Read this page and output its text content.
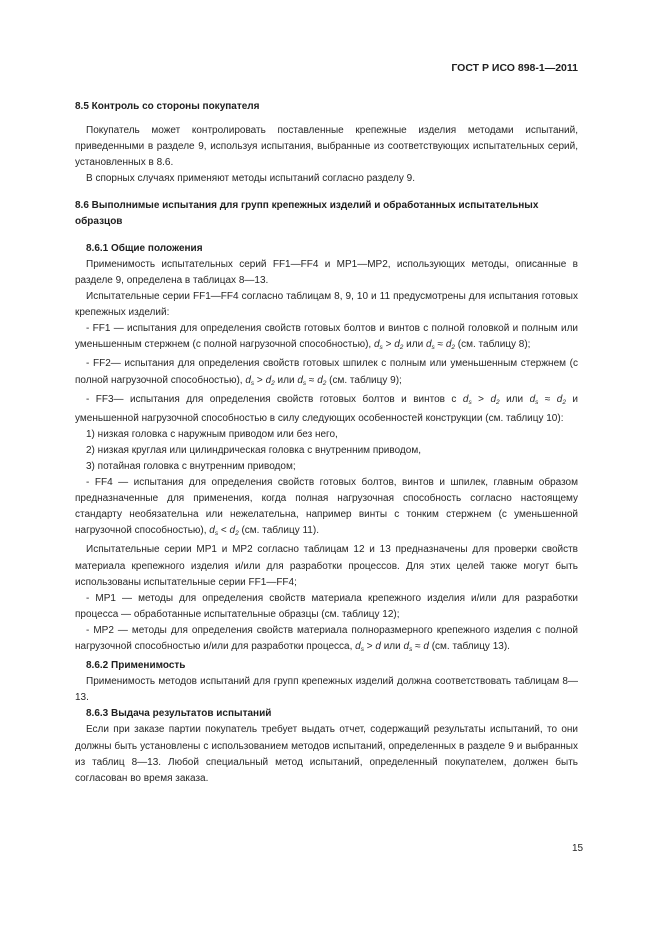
ГОСТ Р ИСО 898-1—2011

8.5 Контроль со стороны покупателя

Покупатель может контролировать поставленные крепежные изделия методами испытаний, приведенными в разделе 9, используя испытания, выбранные из соответствующих испытательных серий, установленных в 8.6.

В спорных случаях применяют методы испытаний согласно разделу 9.

8.6 Выполнимые испытания для групп крепежных изделий и обработанных испытательных образцов

8.6.1 Общие положения

Применимость испытательных серий FF1—FF4 и MP1—MP2, использующих методы, описанные в разделе 9, определена в таблицах 8—13.

Испытательные серии FF1—FF4 согласно таблицам 8, 9, 10 и 11 предусмотрены для испытания готовых крепежных изделий:

- FF1 — испытания для определения свойств готовых болтов и винтов с полной головкой и полным или уменьшенным стержнем (с полной нагрузочной способностью), $d_s > d_2$ или $d_s \approx d_2$ (см. таблицу 8);

- FF2— испытания для определения свойств готовых шпилек с полным или уменьшенным стержнем (с полной нагрузочной способностью), $d_s > d_2$ или $d_s \approx d_2$ (см. таблицу 9);

- FF3— испытания для определения свойств готовых болтов и винтов с $d_s > d_2$ или $d_s \approx d_2$ и уменьшенной нагрузочной способностью в силу следующих особенностей конструкции (см. таблицу 10):

1) низкая головка с наружным приводом или без него,

2) низкая круглая или цилиндрическая головка с внутренним приводом,

3) потайная головка с внутренним приводом;

- FF4 — испытания для определения свойств готовых болтов, винтов и шпилек, главным образом предназначенные для применения, когда полная нагрузочная способность согласно настоящему стандарту необязательна или нежелательна, например винты с тонким стержнем (с уменьшенной нагрузочной способностью), $d_s < d_2$ (см. таблицу 11).

Испытательные серии MP1 и MP2 согласно таблицам 12 и 13 предназначены для проверки свойств материала крепежного изделия и/или для разработки процессов. Для этих целей также могут быть использованы испытательные серии FF1—FF4;

- MP1 — методы для определения свойств материала крепежного изделия и/или для разработки процесса — обработанные испытательные образцы (см. таблицу 12);

- MP2 — методы для определения свойств материала полноразмерного крепежного изделия с полной нагрузочной способностью и/или для разработки процесса, $d_s > d$ или $d_s \approx d$ (см. таблицу 13).

8.6.2 Применимость

Применимость методов испытаний для групп крепежных изделий должна соответствовать таблицам 8—13.

8.6.3 Выдача результатов испытаний

Если при заказе партии покупатель требует выдать отчет, содержащий результаты испытаний, то они должны быть установлены с использованием методов испытаний, определенных в разделе 9 и выбранных из таблиц 8—13. Любой специальный метод испытаний, определенный покупателем, должен быть согласован во время заказа.

15
